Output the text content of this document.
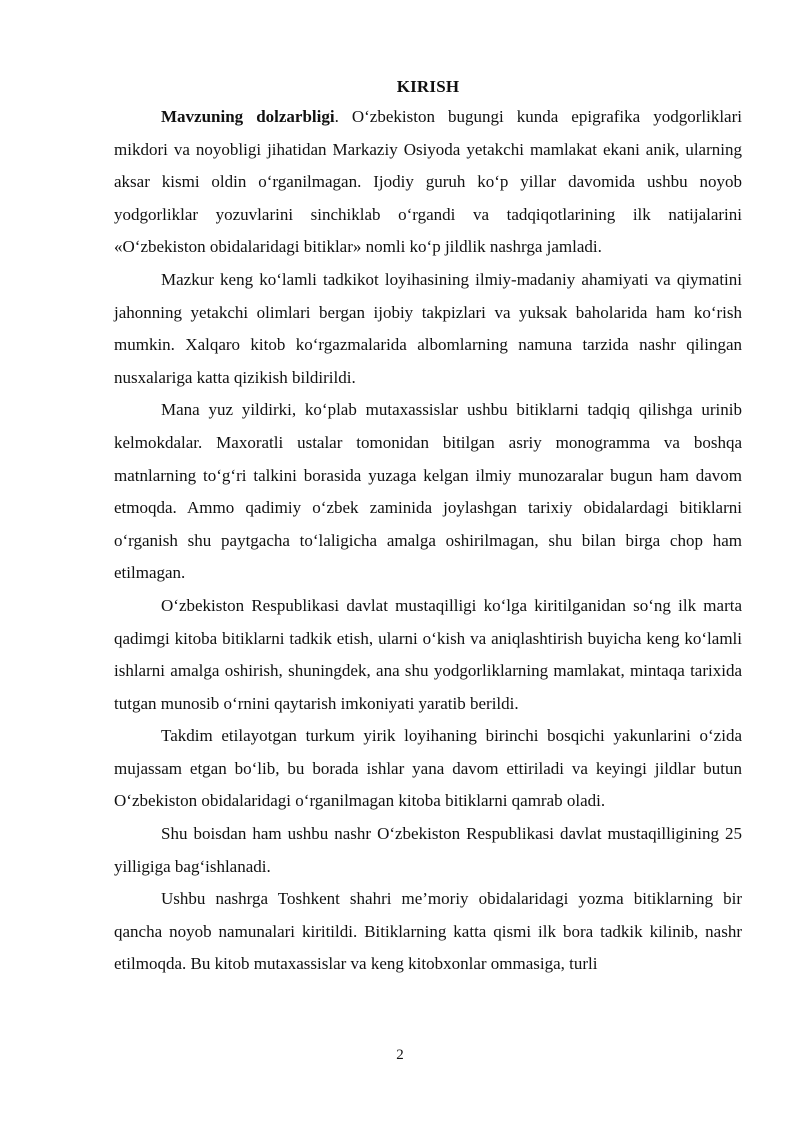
KIRISH

Mavzuning dolzarbligi. O‘zbekiston bugungi kunda epigrafika yodgorliklari mikdori va noyobligi jihatidan Markaziy Osiyoda yetakchi mamlakat ekani anik, ularning aksar kismi oldin o‘rganilmagan. Ijodiy guruh ko‘p yillar davomida ushbu noyob yodgorliklar yozuvlarini sinchiklab o‘rgandi va tadqiqotlarining ilk natijalarini «O‘zbekiston obidalaridagi bitiklar» nomli ko‘p jildlik nashrga jamladi.

Mazkur keng ko‘lamli tadkikot loyihasining ilmiy-madaniy ahamiyati va qiymatini jahonning yetakchi olimlari bergan ijobiy takpizlari va yuksak baholarida ham ko‘rish mumkin. Xalqaro kitob ko‘rgazmalarida albomlarning namuna tarzida nashr qilingan nusxalariga katta qizikish bildirildi.

Mana yuz yildirki, ko‘plab mutaxassislar ushbu bitiklarni tadqiq qilishga urinib kelmokdalar. Maxoratli ustalar tomonidan bitilgan asriy monogramma va boshqa matnlarning to‘g‘ri talkini borasida yuzaga kelgan ilmiy munozaralar bugun ham davom etmoqda. Ammo qadimiy o‘zbek zaminida joylashgan tarixiy obidalardagi bitiklarni o‘rganish shu paytgacha to‘laligicha amalga oshirilmagan, shu bilan birga chop ham etilmagan.

O‘zbekiston Respublikasi davlat mustaqilligi ko‘lga kiritilganidan so‘ng ilk marta qadimgi kitoba bitiklarni tadkik etish, ularni o‘kish va aniqlashtirish buyicha keng ko‘lamli ishlarni amalga oshirish, shuningdek, ana shu yodgorliklarning mamlakat, mintaqa tarixida tutgan munosib o‘rnini qaytarish imkoniyati yaratib berildi.

Takdim etilayotgan turkum yirik loyihaning birinchi bosqichi yakunlarini o‘zida mujassam etgan bo‘lib, bu borada ishlar yana davom ettiriladi va keyingi jildlar butun O‘zbekiston obidalaridagi o‘rganilmagan kitoba bitiklarni qamrab oladi.

Shu boisdan ham ushbu nashr O‘zbekiston Respublikasi davlat mustaqilligining 25 yilligiga bag‘ishlanadi.

Ushbu nashrga Toshkent shahri me’moriy obidalaridagi yozma bitiklarning bir qancha noyob namunalari kiritildi. Bitiklarning katta qismi ilk bora tadkik kilinib, nashr etilmoqda. Bu kitob mutaxassislar va keng kitobxonlar ommasiga, turli

2
